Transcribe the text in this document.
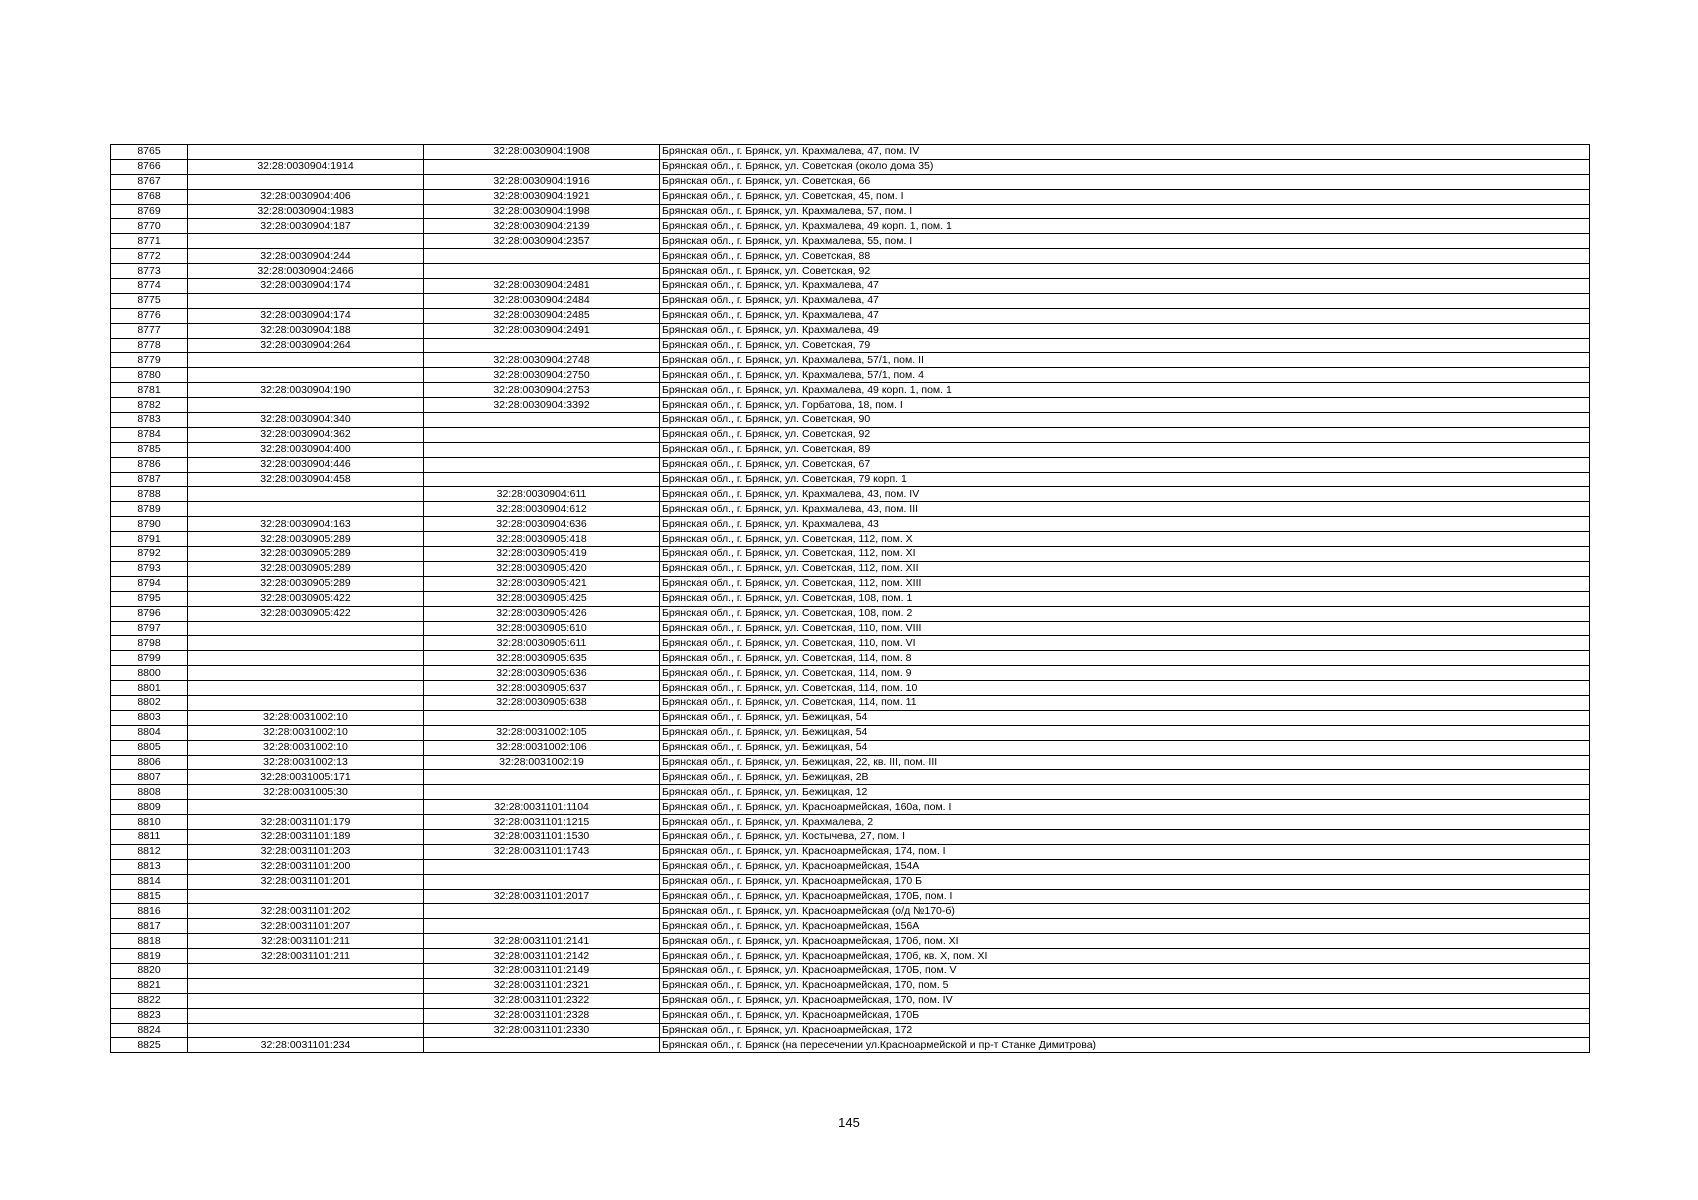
8765		32:28:0030904:1908	Брянская обл., г. Брянск, ул. Крахмалева, 47, пом. IV
8766	32:28:0030904:1914		Брянская обл., г. Брянск, ул. Советская (около дома 35)
8767		32:28:0030904:1916	Брянская обл., г. Брянск, ул. Советская, 66
8768	32:28:0030904:406	32:28:0030904:1921	Брянская обл., г. Брянск, ул. Советская, 45, пом. I
8769	32:28:0030904:1983	32:28:0030904:1998	Брянская обл., г. Брянск, ул. Крахмалева, 57, пом. I
8770	32:28:0030904:187	32:28:0030904:2139	Брянская обл., г. Брянск, ул. Крахмалева, 49 корп. 1, пом. 1
8771		32:28:0030904:2357	Брянская обл., г. Брянск, ул. Крахмалева, 55, пом. I
8772	32:28:0030904:244		Брянская обл., г. Брянск, ул. Советская, 88
8773	32:28:0030904:2466		Брянская обл., г. Брянск, ул. Советская, 92
8774	32:28:0030904:174	32:28:0030904:2481	Брянская обл., г. Брянск, ул. Крахмалева, 47
8775		32:28:0030904:2484	Брянская обл., г. Брянск, ул. Крахмалева, 47
8776	32:28:0030904:174	32:28:0030904:2485	Брянская обл., г. Брянск, ул. Крахмалева, 47
8777	32:28:0030904:188	32:28:0030904:2491	Брянская обл., г. Брянск, ул. Крахмалева, 49
8778	32:28:0030904:264		Брянская обл., г. Брянск, ул. Советская, 79
8779		32:28:0030904:2748	Брянская обл., г. Брянск, ул. Крахмалева, 57/1, пом. II
8780		32:28:0030904:2750	Брянская обл., г. Брянск, ул. Крахмалева, 57/1, пом. 4
8781	32:28:0030904:190	32:28:0030904:2753	Брянская обл., г. Брянск, ул. Крахмалева, 49 корп. 1, пом. 1
8782		32:28:0030904:3392	Брянская обл., г. Брянск, ул. Горбатова, 18, пом. I
8783	32:28:0030904:340		Брянская обл., г. Брянск, ул. Советская, 90
8784	32:28:0030904:362		Брянская обл., г. Брянск, ул. Советская, 92
8785	32:28:0030904:400		Брянская обл., г. Брянск, ул. Советская, 89
8786	32:28:0030904:446		Брянская обл., г. Брянск, ул. Советская, 67
8787	32:28:0030904:458		Брянская обл., г. Брянск, ул. Советская, 79 корп. 1
8788		32:28:0030904:611	Брянская обл., г. Брянск, ул. Крахмалева, 43, пом. IV
8789		32:28:0030904:612	Брянская обл., г. Брянск, ул. Крахмалева, 43, пом. III
8790	32:28:0030904:163	32:28:0030904:636	Брянская обл., г. Брянск, ул. Крахмалева, 43
8791	32:28:0030905:289	32:28:0030905:418	Брянская обл., г. Брянск, ул. Советская, 112, пом. X
8792	32:28:0030905:289	32:28:0030905:419	Брянская обл., г. Брянск, ул. Советская, 112, пом. XI
8793	32:28:0030905:289	32:28:0030905:420	Брянская обл., г. Брянск, ул. Советская, 112, пом. XII
8794	32:28:0030905:289	32:28:0030905:421	Брянская обл., г. Брянск, ул. Советская, 112, пом. XIII
8795	32:28:0030905:422	32:28:0030905:425	Брянская обл., г. Брянск, ул. Советская, 108, пом. 1
8796	32:28:0030905:422	32:28:0030905:426	Брянская обл., г. Брянск, ул. Советская, 108, пом. 2
8797		32:28:0030905:610	Брянская обл., г. Брянск, ул. Советская, 110, пом. VIII
8798		32:28:0030905:611	Брянская обл., г. Брянск, ул. Советская, 110, пом. VI
8799		32:28:0030905:635	Брянская обл., г. Брянск, ул. Советская, 114, пом. 8
8800		32:28:0030905:636	Брянская обл., г. Брянск, ул. Советская, 114, пом. 9
8801		32:28:0030905:637	Брянская обл., г. Брянск, ул. Советская, 114, пом. 10
8802		32:28:0030905:638	Брянская обл., г. Брянск, ул. Советская, 114, пом. 11
8803	32:28:0031002:10		Брянская обл., г. Брянск, ул. Бежицкая, 54
8804	32:28:0031002:10	32:28:0031002:105	Брянская обл., г. Брянск, ул. Бежицкая, 54
8805	32:28:0031002:10	32:28:0031002:106	Брянская обл., г. Брянск, ул. Бежицкая, 54
8806	32:28:0031002:13	32:28:0031002:19	Брянская обл., г. Брянск, ул. Бежицкая, 22, кв. III, пом. III
8807	32:28:0031005:171		Брянская обл., г. Брянск, ул. Бежицкая, 2В
8808	32:28:0031005:30		Брянская обл., г. Брянск, ул. Бежицкая, 12
8809		32:28:0031101:1104	Брянская обл., г. Брянск, ул. Красноармейская, 160а, пом. I
8810	32:28:0031101:179	32:28:0031101:1215	Брянская обл., г. Брянск, ул. Крахмалева, 2
8811	32:28:0031101:189	32:28:0031101:1530	Брянская обл., г. Брянск, ул. Костычева, 27, пом. I
8812	32:28:0031101:203	32:28:0031101:1743	Брянская обл., г. Брянск, ул. Красноармейская, 174, пом. I
8813	32:28:0031101:200		Брянская обл., г. Брянск, ул. Красноармейская, 154А
8814	32:28:0031101:201		Брянская обл., г. Брянск, ул. Красноармейская, 170 Б
8815		32:28:0031101:2017	Брянская обл., г. Брянск, ул. Красноармейская, 170Б, пом. I
8816	32:28:0031101:202		Брянская обл., г. Брянск, ул. Красноармейская (о/д №170-б)
8817	32:28:0031101:207		Брянская обл., г. Брянск, ул. Красноармейская, 156А
8818	32:28:0031101:211	32:28:0031101:2141	Брянская обл., г. Брянск, ул. Красноармейская, 170б, пом. XI
8819	32:28:0031101:211	32:28:0031101:2142	Брянская обл., г. Брянск, ул. Красноармейская, 170б, кв. X, пом. XI
8820		32:28:0031101:2149	Брянская обл., г. Брянск, ул. Красноармейская, 170Б, пом. V
8821		32:28:0031101:2321	Брянская обл., г. Брянск, ул. Красноармейская, 170, пом. 5
8822		32:28:0031101:2322	Брянская обл., г. Брянск, ул. Красноармейская, 170, пом. IV
8823		32:28:0031101:2328	Брянская обл., г. Брянск, ул. Красноармейская, 170Б
8824		32:28:0031101:2330	Брянская обл., г. Брянск, ул. Красноармейская, 172
8825	32:28:0031101:234		Брянская обл., г. Брянск (на пересечении ул.Красноармейской и пр-т Станке Димитрова)
145
